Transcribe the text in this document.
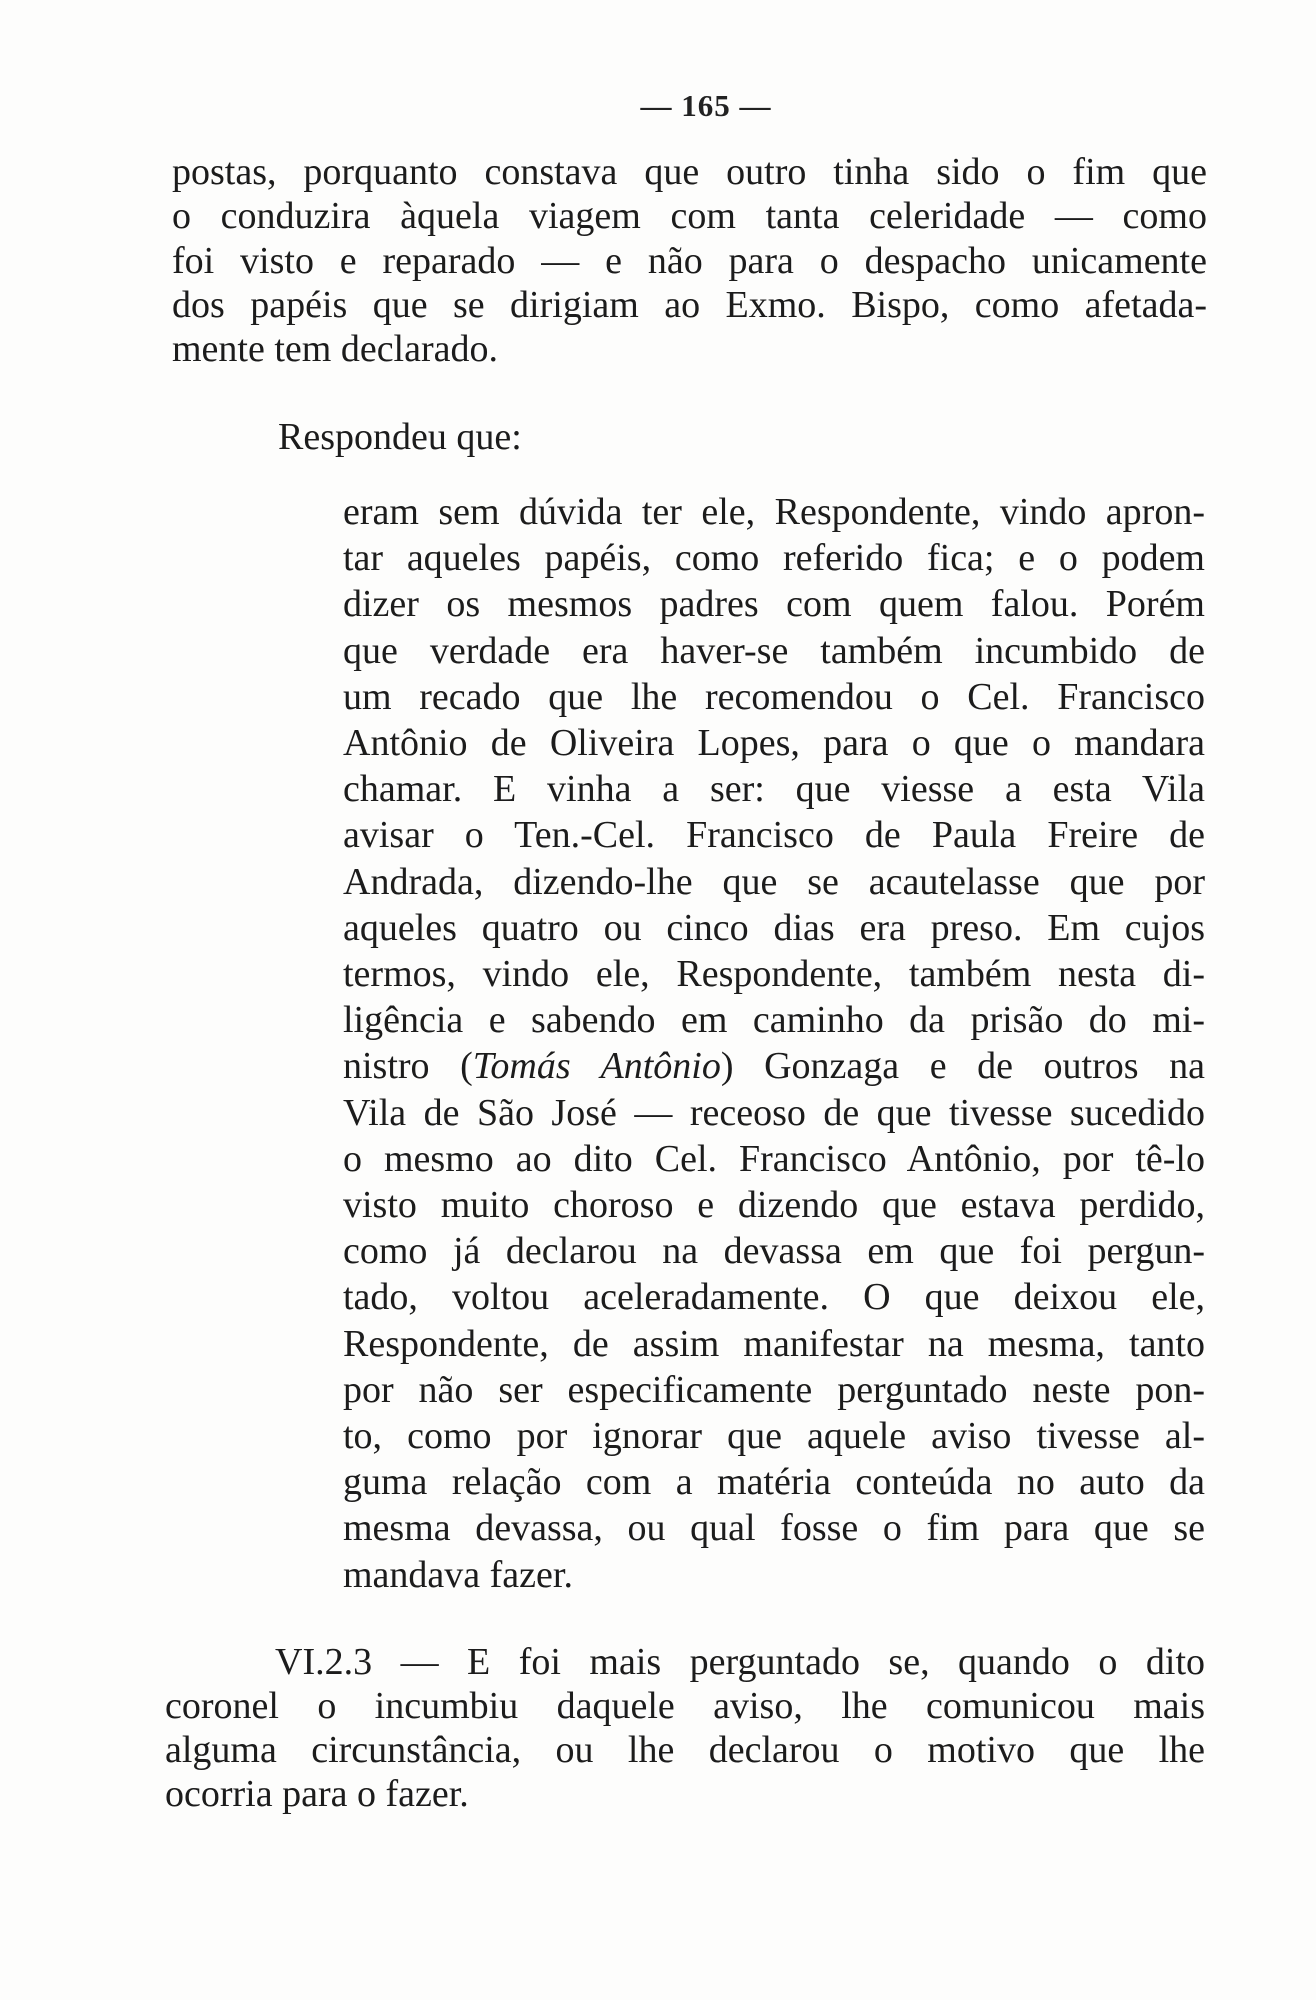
— 165 —
postas, porquanto constava que outro tinha sido o fim que
o conduzira àquela viagem com tanta celeridade — como
foi visto e reparado — e não para o despacho unicamente
dos papéis que se dirigiam ao Exmo. Bispo, como afetada-
mente tem declarado.
Respondeu que:
eram sem dúvida ter ele, Respondente, vindo apron-
tar aqueles papéis, como referido fica; e o podem
dizer os mesmos padres com quem falou. Porém
que verdade era haver-se também incumbido de
um recado que lhe recomendou o Cel. Francisco
Antônio de Oliveira Lopes, para o que o mandara
chamar. E vinha a ser: que viesse a esta Vila
avisar o Ten.-Cel. Francisco de Paula Freire de
Andrada, dizendo-lhe que se acautelasse que por
aqueles quatro ou cinco dias era preso. Em cujos
termos, vindo ele, Respondente, também nesta di-
ligência e sabendo em caminho da prisão do mi-
nistro (Tomás Antônio) Gonzaga e de outros na
Vila de São José — receoso de que tivesse sucedido
o mesmo ao dito Cel. Francisco Antônio, por tê-lo
visto muito choroso e dizendo que estava perdido,
como já declarou na devassa em que foi pergun-
tado, voltou aceleradamente. O que deixou ele,
Respondente, de assim manifestar na mesma, tanto
por não ser especificamente perguntado neste pon-
to, como por ignorar que aquele aviso tivesse al-
guma relação com a matéria conteúda no auto da
mesma devassa, ou qual fosse o fim para que se
mandava fazer.
VI.2.3 — E foi mais perguntado se, quando o dito
coronel o incumbiu daquele aviso, lhe comunicou mais
alguma circunstância, ou lhe declarou o motivo que lhe
ocorria para o fazer.
